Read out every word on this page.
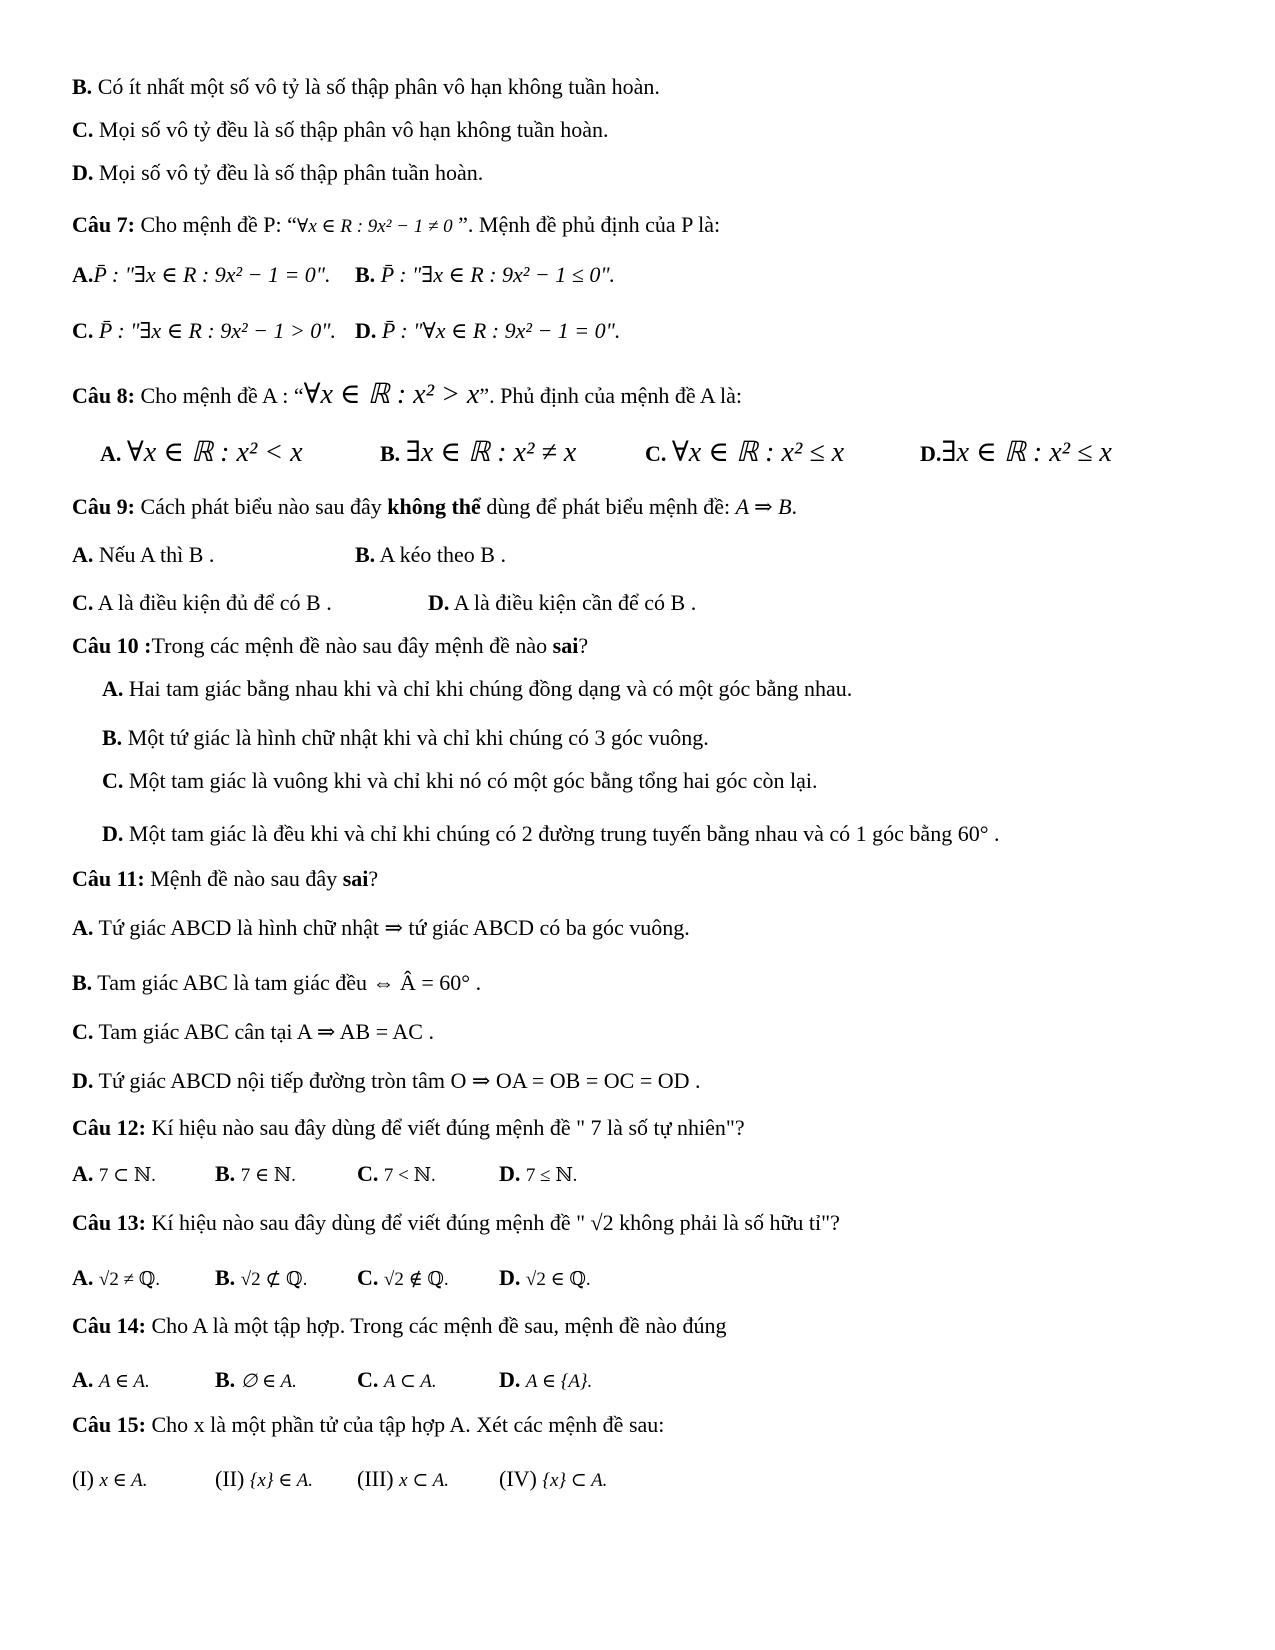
B. Có ít nhất một số vô tỷ là số thập phân vô hạn không tuần hoàn.
C. Mọi số vô tỷ đều là số thập phân vô hạn không tuần hoàn.
D. Mọi số vô tỷ đều là số thập phân tuần hoàn.
Câu 7: Cho mệnh đề P: “∀x ∈ R : 9x² − 1 ≠ 0 ”. Mệnh đề phủ định của P là:
A.P̄ : "∃x ∈ R : 9x² − 1 = 0". B. P̄ : "∃x ∈ R : 9x² − 1 ≤ 0".
C. P̄ : "∃x ∈ R : 9x² − 1 > 0". D. P̄ : "∀x ∈ R : 9x² − 1 = 0".
Câu 8: Cho mệnh đề A : “∀x ∈ ℝ : x² > x”. Phủ định của mệnh đề A là:
A. ∀x ∈ ℝ : x² < x	B. ∃x ∈ ℝ : x² ≠ x	C. ∀x ∈ ℝ : x² ≤ x	D.∃x ∈ ℝ : x² ≤ x
Câu 9: Cách phát biểu nào sau đây không thể dùng để phát biểu mệnh đề: A ⇒ B.
A. Nếu A thì B .	B. A kéo theo B .
C. A là điều kiện đủ để có B .	D. A là điều kiện cần để có B .
Câu 10 :Trong các mệnh đề nào sau đây mệnh đề nào sai?
A. Hai tam giác bằng nhau khi và chỉ khi chúng đồng dạng và có một góc bằng nhau.
B. Một tứ giác là hình chữ nhật khi và chỉ khi chúng có 3 góc vuông.
C. Một tam giác là vuông khi và chỉ khi nó có một góc bằng tổng hai góc còn lại.
D. Một tam giác là đều khi và chỉ khi chúng có 2 đường trung tuyến bằng nhau và có 1 góc bằng 60° .
Câu 11: Mệnh đề nào sau đây sai?
A. Tứ giác ABCD là hình chữ nhật ⇒ tứ giác ABCD có ba góc vuông.
B. Tam giác ABC là tam giác đều ⇔ Â = 60° .
C. Tam giác ABC cân tại A ⇒ AB = AC .
D. Tứ giác ABCD nội tiếp đường tròn tâm O ⇒ OA = OB = OC = OD .
Câu 12: Kí hiệu nào sau đây dùng để viết đúng mệnh đề " 7 là số tự nhiên"?
A. 7 ⊂ ℕ.	B. 7 ∈ ℕ.	C. 7 < ℕ.	D. 7 ≤ ℕ.
Câu 13: Kí hiệu nào sau đây dùng để viết đúng mệnh đề " √2 không phải là số hữu tỉ"?
A. √2 ≠ ℚ. B. √2 ⊄ ℚ. C. √2 ∉ ℚ. D. √2 ∈ ℚ.
Câu 14: Cho A là một tập hợp. Trong các mệnh đề sau, mệnh đề nào đúng
A. A ∈ A.	B. ∅ ∈ A.	C. A ⊂ A.	D. A ∈ {A}.
Câu 15: Cho x là một phần tử của tập hợp A. Xét các mệnh đề sau:
(I) x ∈ A.	(II) {x} ∈ A. (III) x ⊂ A. (IV) {x} ⊂ A.
